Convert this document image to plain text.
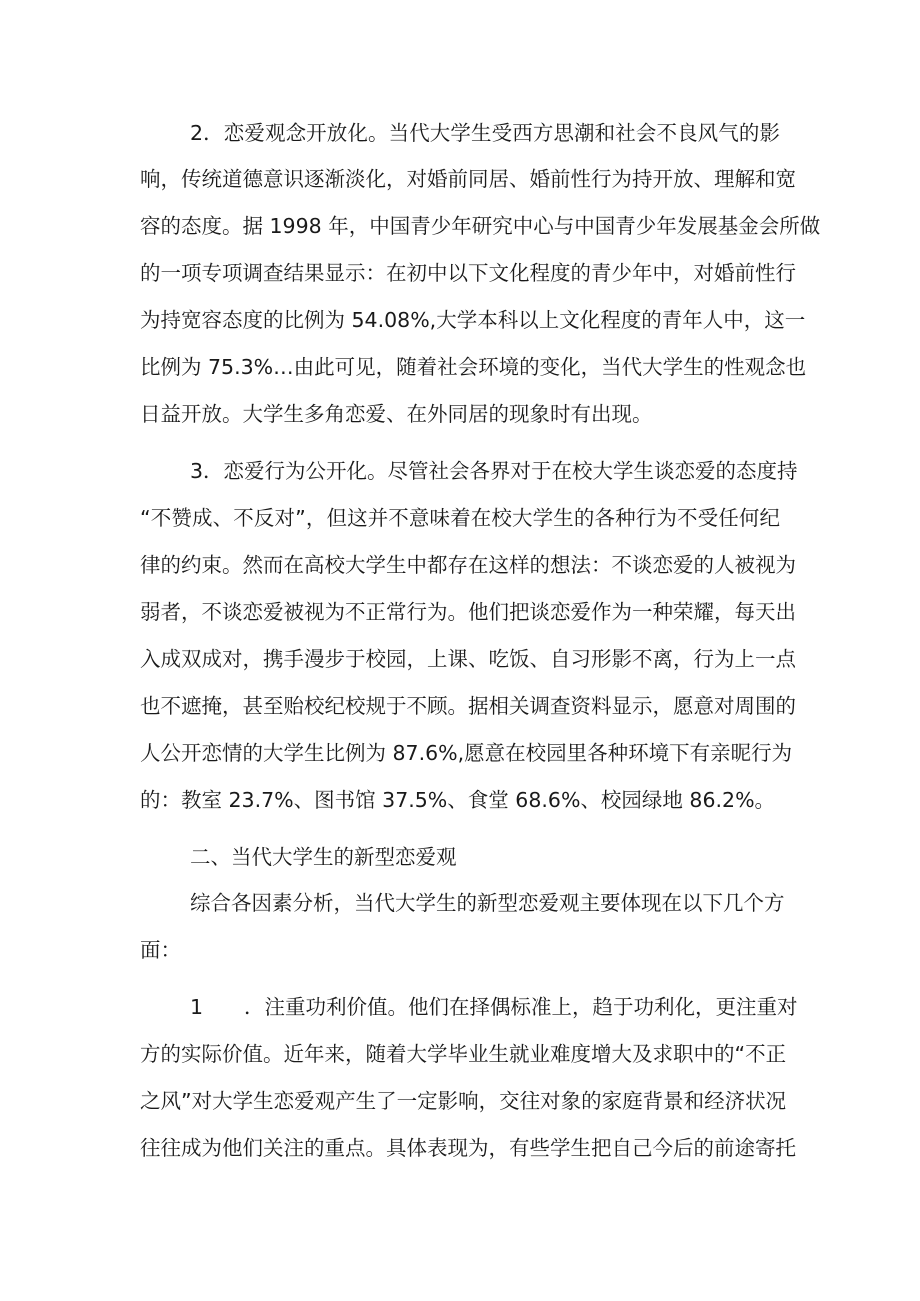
2．恋爱观念开放化。当代大学生受西方思潮和社会不良风气的影
响，传统道德意识逐渐淡化，对婚前同居、婚前性行为持开放、理解和宽
容的态度。据 1998 年，中国青少年研究中心与中国青少年发展基金会所做
的一项专项调查结果显示：在初中以下文化程度的青少年中，对婚前性行
为持宽容态度的比例为 54.08%,大学本科以上文化程度的青年人中，这一
比例为 75.3%…由此可见，随着社会环境的变化，当代大学生的性观念也
日益开放。大学生多角恋爱、在外同居的现象时有出现。
3．恋爱行为公开化。尽管社会各界对于在校大学生谈恋爱的态度持
“不赞成、不反对”，但这并不意味着在校大学生的各种行为不受任何纪
律的约束。然而在高校大学生中都存在这样的想法：不谈恋爱的人被视为
弱者，不谈恋爱被视为不正常行为。他们把谈恋爱作为一种荣耀，每天出
入成双成对，携手漫步于校园，上课、吃饭、自习形影不离，行为上一点
也不遮掩，甚至贻校纪校规于不顾。据相关调查资料显示，愿意对周围的
人公开恋情的大学生比例为 87.6%,愿意在校园里各种环境下有亲昵行为
的：教室 23.7%、图书馆 37.5%、食堂 68.6%、校园绿地 86.2%。
二、当代大学生的新型恋爱观
综合各因素分析，当代大学生的新型恋爱观主要体现在以下几个方
面：
1　　．注重功利价值。他们在择偶标准上，趋于功利化，更注重对
方的实际价值。近年来，随着大学毕业生就业难度增大及求职中的“不正
之风”对大学生恋爱观产生了一定影响，交往对象的家庭背景和经济状况
往往成为他们关注的重点。具体表现为，有些学生把自己今后的前途寄托
